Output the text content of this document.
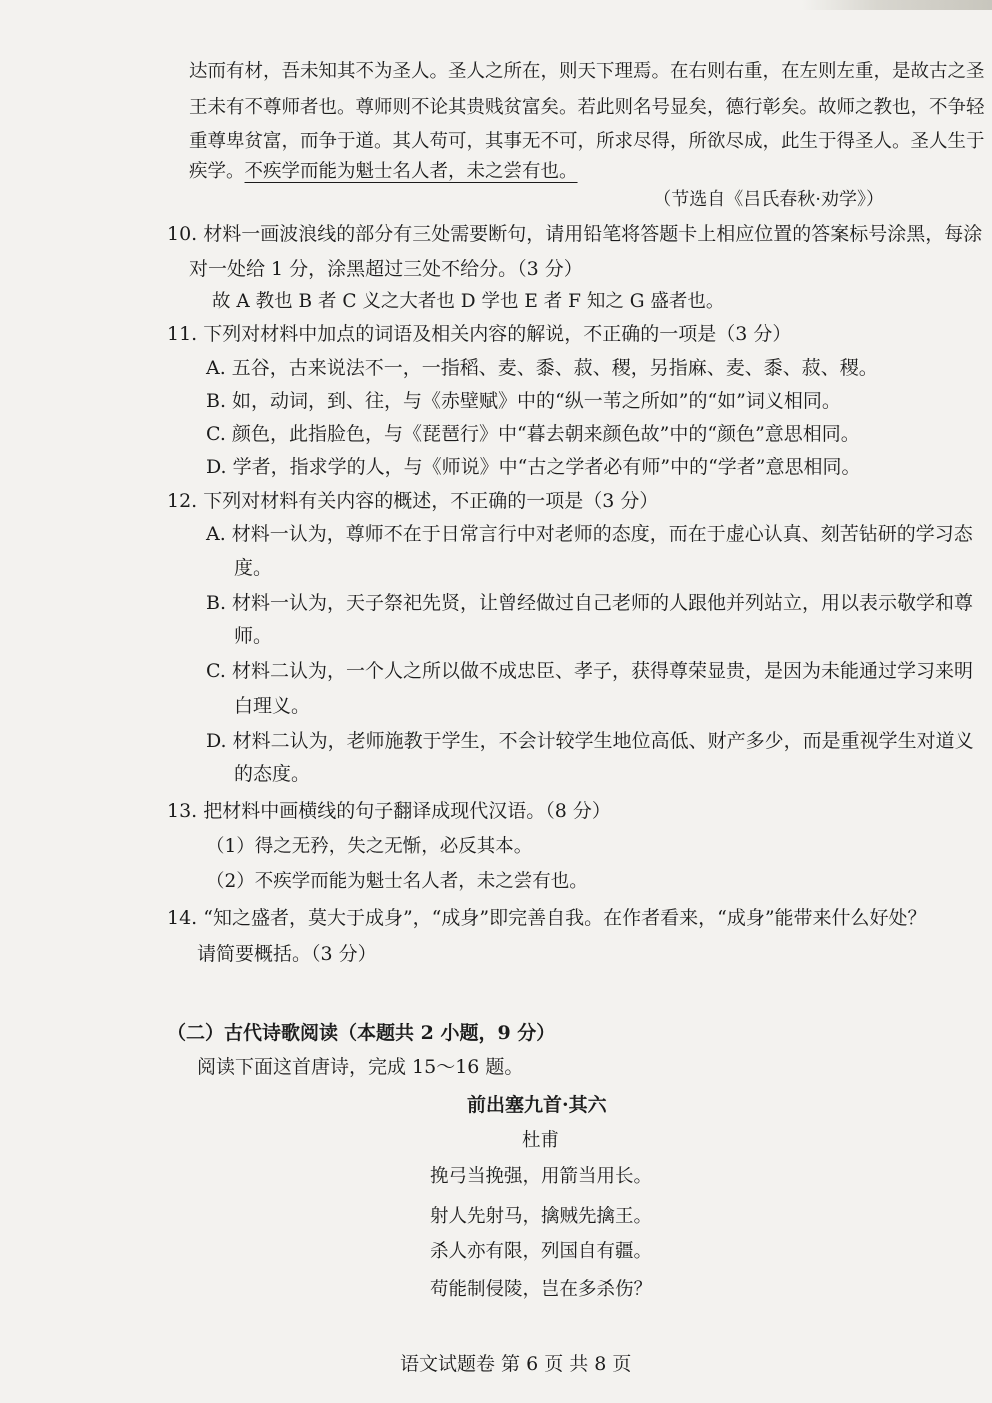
达而有材，吾未知其不为圣人。圣人之所在，则天下理焉。在右则右重，在左则左重，是故古之圣
王未有不尊师者也。尊师则不论其贵贱贫富矣。若此则名号显矣，德行彰矣。故师之教也，不争轻
重尊卑贫富，而争于道。其人苟可，其事无不可，所求尽得，所欲尽成，此生于得圣人。圣人生于
疾学。不疾学而能为魁士名人者，未之尝有也。
（节选自《吕氏春秋·劝学》）
10. 材料一画波浪线的部分有三处需要断句，请用铅笔将答题卡上相应位置的答案标号涂黑，每涂
对一处给 1 分，涂黑超过三处不给分。（3 分）
故 A 教也 B 者 C 义之大者也 D 学也 E 者 F 知之 G 盛者也。
11. 下列对材料中加点的词语及相关内容的解说，不正确的一项是（3 分）
A. 五谷，古来说法不一，一指稻、麦、黍、菽、稷，另指麻、麦、黍、菽、稷。
B. 如，动词，到、往，与《赤壁赋》中的“纵一苇之所如”的“如”词义相同。
C. 颜色，此指脸色，与《琵琶行》中“暮去朝来颜色故”中的“颜色”意思相同。
D. 学者，指求学的人，与《师说》中“古之学者必有师”中的“学者”意思相同。
12. 下列对材料有关内容的概述，不正确的一项是（3 分）
A. 材料一认为，尊师不在于日常言行中对老师的态度，而在于虚心认真、刻苦钻研的学习态
度。
B. 材料一认为，天子祭祀先贤，让曾经做过自己老师的人跟他并列站立，用以表示敬学和尊
师。
C. 材料二认为，一个人之所以做不成忠臣、孝子，获得尊荣显贵，是因为未能通过学习来明
白理义。
D. 材料二认为，老师施教于学生，不会计较学生地位高低、财产多少，而是重视学生对道义
的态度。
13. 把材料中画横线的句子翻译成现代汉语。（8 分）
（1）得之无矜，失之无惭，必反其本。
（2）不疾学而能为魁士名人者，未之尝有也。
14. “知之盛者，莫大于成身”，“成身”即完善自我。在作者看来，“成身”能带来什么好处？
请简要概括。（3 分）
（二）古代诗歌阅读（本题共 2 小题，9 分）
阅读下面这首唐诗，完成 15～16 题。
前出塞九首·其六
杜甫
挽弓当挽强，用箭当用长。
射人先射马，擒贼先擒王。
杀人亦有限，列国自有疆。
苟能制侵陵，岂在多杀伤？
语文试题卷 第 6 页 共 8 页
